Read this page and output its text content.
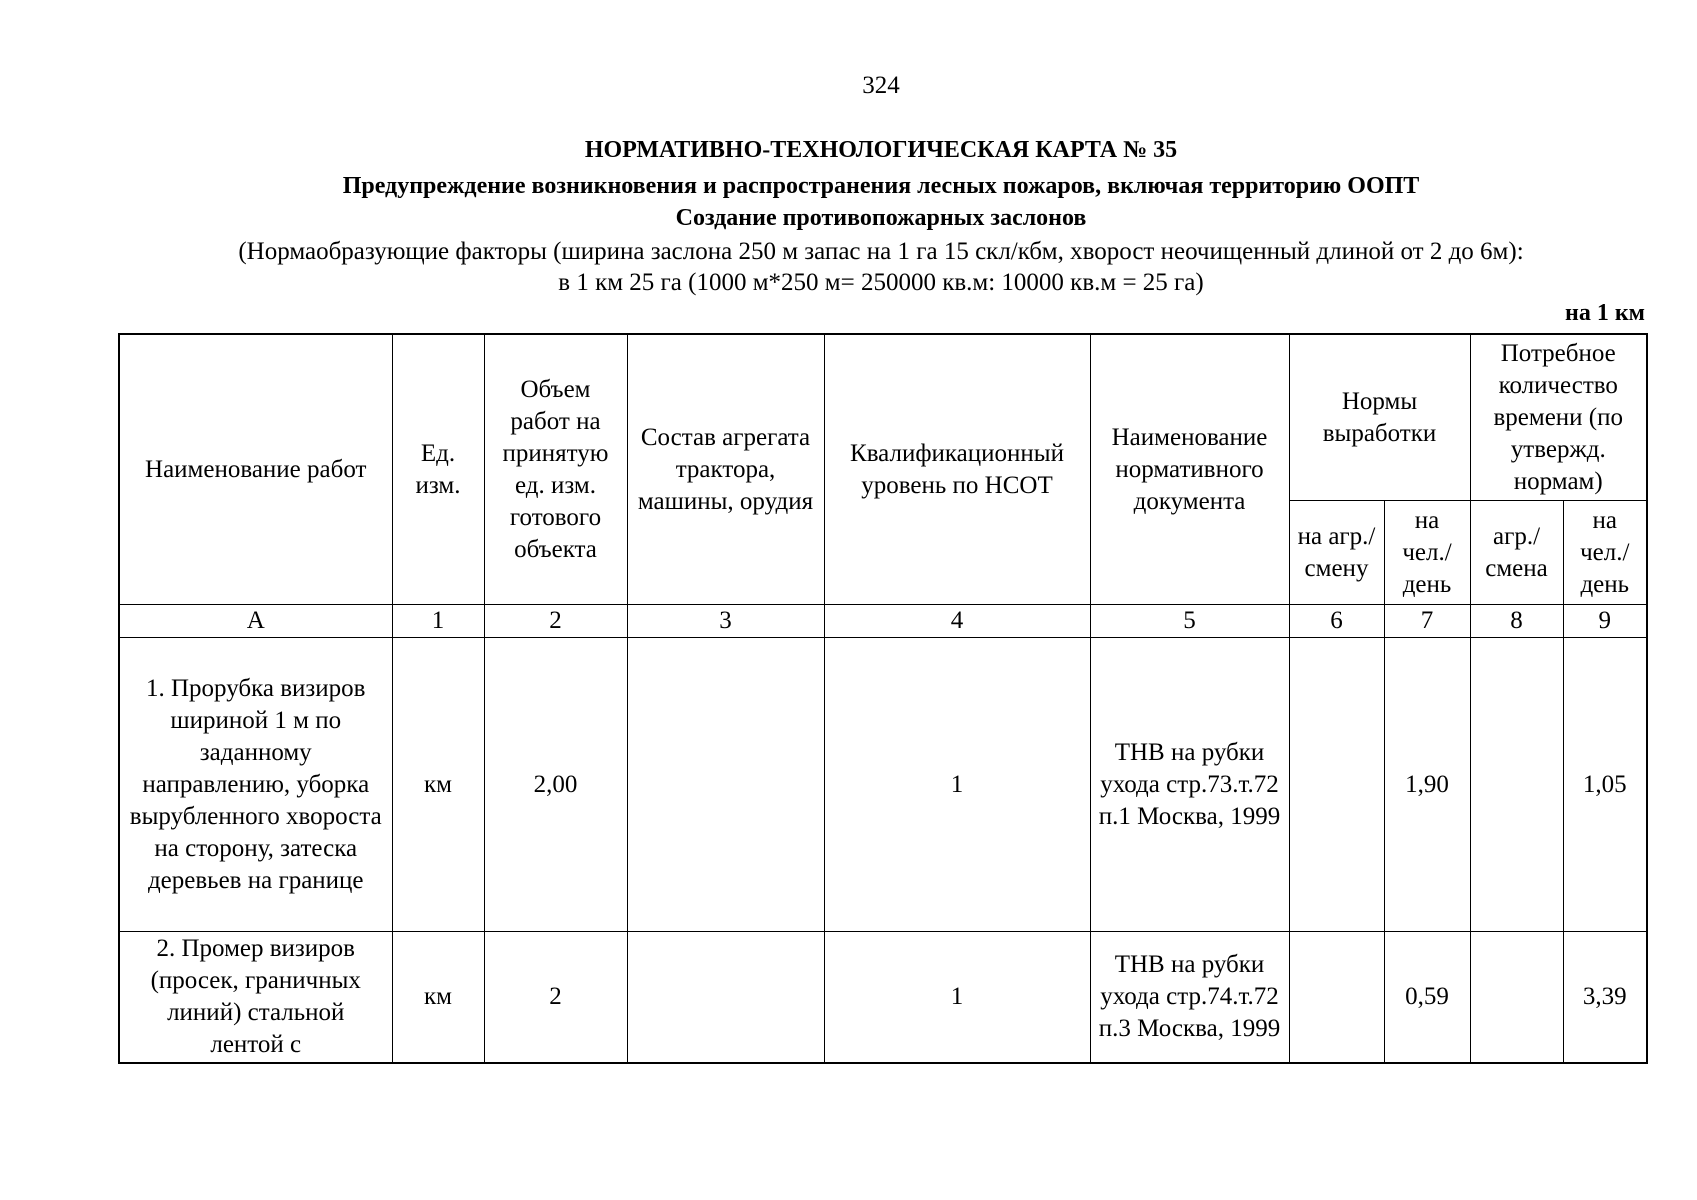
324
НОРМАТИВНО-ТЕХНОЛОГИЧЕСКАЯ КАРТА № 35
Предупреждение возникновения и распространения лесных пожаров, включая территорию ООПТ
Создание противопожарных заслонов
(Нормаобразующие факторы (ширина заслона 250 м запас на 1 га 15 скл/кбм, хворост неочищенный длиной от 2 до 6м):
в 1 км 25 га (1000 м*250 м= 250000 кв.м: 10000 кв.м = 25 га)
на 1 км
Наименование работ	Ед. изм.	Объем работ на принятую ед. изм. готового объекта	Состав агрегата трактора, машины, орудия	Квалификационный уровень по НСОТ	Наименование нормативного документа	Нормы выработки		Потребное количество времени (по утвержд. нормам)	
						на агр./ смену	на чел./ день	агр./ смена	на чел./ день
А	1	2	3	4	5	6	7	8	9
1. Прорубка визиров шириной 1 м по заданному направлению, уборка вырубленного хвороста на сторону, затеска деревьев на границе	км	2,00		1	ТНВ на рубки ухода стр.73.т.72 п.1 Москва, 1999		1,90		1,05
2. Промер визиров (просек, граничных линий) стальной лентой с	км	2		1	ТНВ на рубки ухода стр.74.т.72 п.3 Москва, 1999		0,59		3,39
